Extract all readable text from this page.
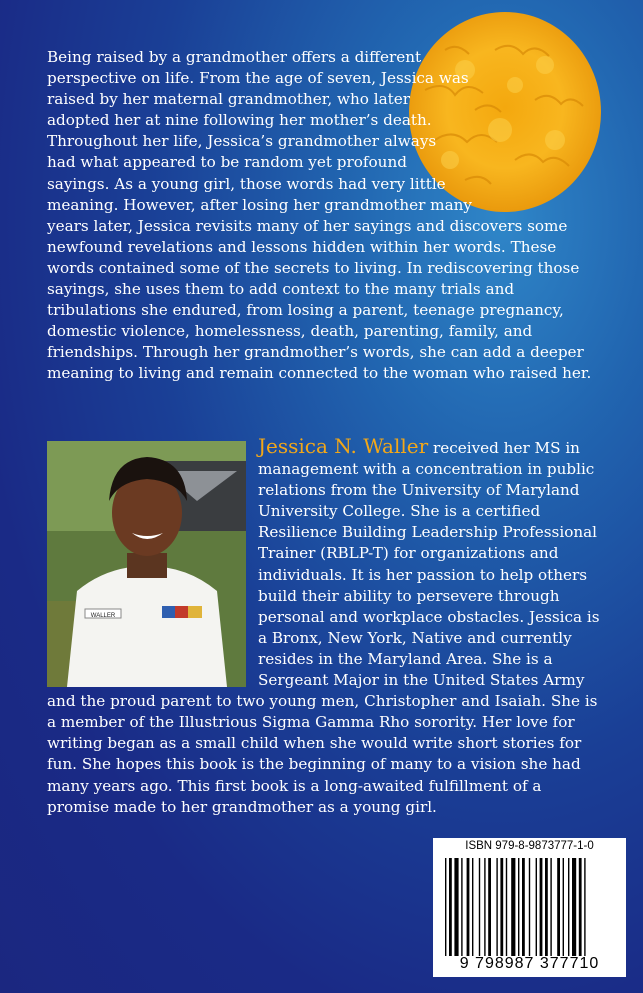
Being raised by a grandmother offers a different perspective on life. From the age of seven, Jessica was raised by her maternal grandmother, who later adopted her at nine following her mother’s death. Throughout her life, Jessica’s grandmother always had what appeared to be random yet profound sayings. As a young girl, those words had very little meaning. However, after losing her grandmother many years later, Jessica revisits many of her sayings and discovers some newfound revelations and lessons hidden within her words. These words contained some of the secrets to living. In rediscovering those sayings, she uses them to add context to the many trials and tribulations she endured, from losing a parent, teenage pregnancy, domestic violence, homelessness, death, parenting, family, and friendships. Through her grandmother’s words, she can add a deeper meaning to living and remain connected to the woman who raised her.

WALLER

Jessica N. Waller received her MS in management with a concentration in public relations from the University of Maryland University College. She is a certified Resilience Building Leadership Professional Trainer (RBLP-T) for organizations and individuals. It is her passion to help others build their ability to persevere through personal and workplace obstacles. Jessica is a Bronx, New York, Native and currently resides in the Maryland Area. She is a Sergeant Major in the United States Army and the proud parent to two young men, Christopher and Isaiah. She is a member of the Illustrious Sigma Gamma Rho sorority. Her love for writing began as a small child when she would write short stories for fun. She hopes this book is the beginning of many to a vision she had many years ago. This first book is a long-awaited fulfillment of a promise made to her grandmother as a young girl.

ISBN 979-8-9873777-1-0
9 798987 377710
